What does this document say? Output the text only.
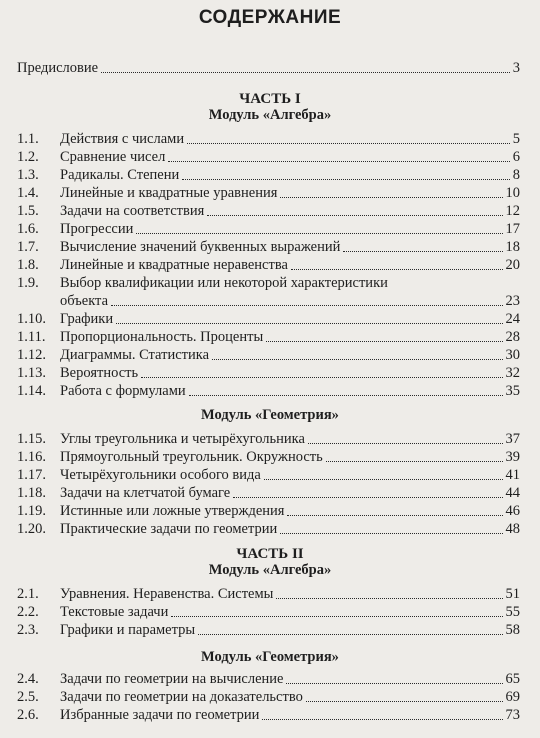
СОДЕРЖАНИЕ
Предисловие	3
ЧАСТЬ I
Модуль «Алгебра»
1.1.	Действия с числами	5
1.2.	Сравнение чисел	6
1.3.	Радикалы. Степени	8
1.4.	Линейные и квадратные уравнения	10
1.5.	Задачи на соответствия	12
1.6.	Прогрессии	17
1.7.	Вычисление значений буквенных выражений	18
1.8.	Линейные и квадратные неравенства	20
1.9. Выбор квалификации или некоторой характеристики
объекта	23
1.10. Графики	24
1.11.	Пропорциональность. Проценты	28
1.12. Диаграммы. Статистика	30
1.13. Вероятность	32
1.14. Работа с формулами	35
Модуль «Геометрия»
1.15. Углы треугольника и четырёхугольника	37
1.16. Прямоугольный треугольник. Окружность	39
1.17. Четырёхугольники особого вида	41
1.18. Задачи на клетчатой бумаге	44
1.19. Истинные или ложные утверждения	46
1.20. Практические задачи по геометрии	48
ЧАСТЬ II
Модуль «Алгебра»
2.1.	Уравнения. Неравенства. Системы	51
2.2.	Текстовые задачи	55
2.3.	Графики и параметры	58
Модуль «Геометрия»
2.4.	Задачи по геометрии на вычисление	65
2.5.	Задачи по геометрии на доказательство	69
2.6.	Избранные задачи по геометрии	73
